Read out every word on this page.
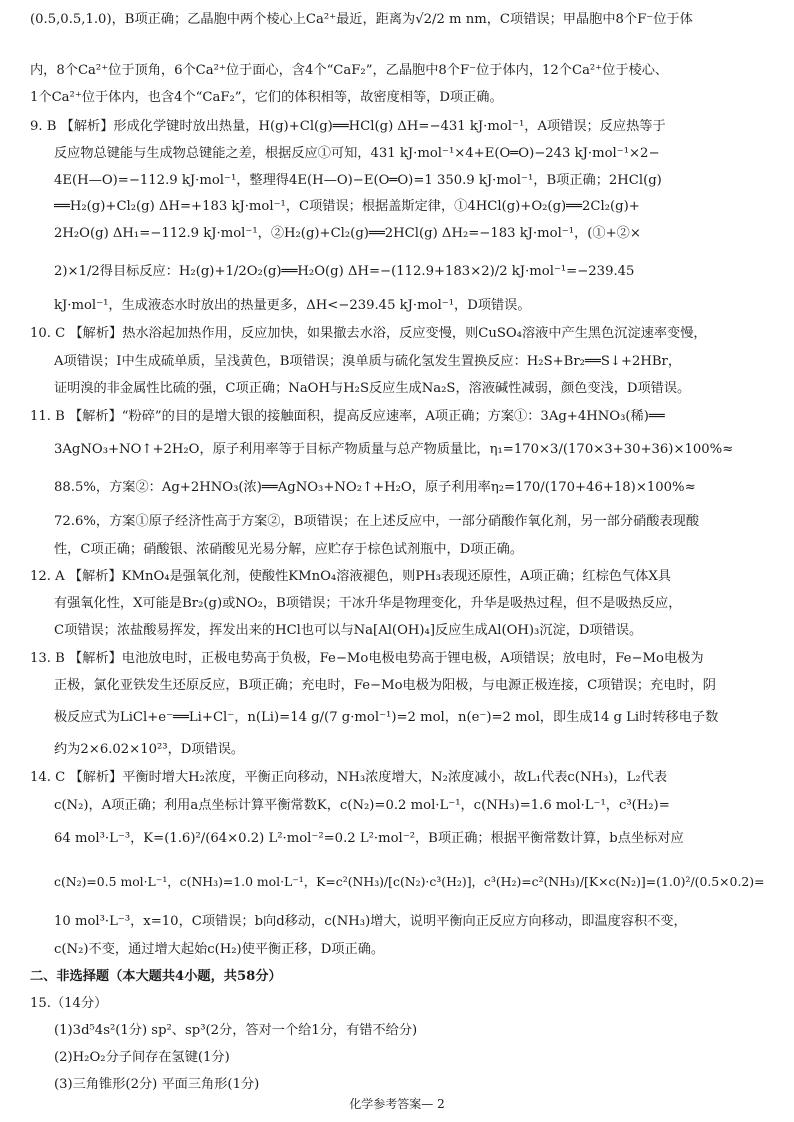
(0.5,0.5,1.0)，B项正确；乙晶胞中两个棱心上Ca²⁺最近，距离为√2/2 m nm，C项错误；甲晶胞中8个F⁻位于体
内，8个Ca²⁺位于顶角，6个Ca²⁺位于面心，含4个“CaF₂”，乙晶胞中8个F⁻位于体内，12个Ca²⁺位于棱心、
1个Ca²⁺位于体内，也含4个“CaF₂”，它们的体积相等，故密度相等，D项正确。
9. B 【解析】形成化学键时放出热量，H(g)+Cl(g)══HCl(g) ΔH=−431 kJ·mol⁻¹，A项错误；反应热等于
反应物总键能与生成物总键能之差，根据反应①可知，431 kJ·mol⁻¹×4+E(O═O)−243 kJ·mol⁻¹×2−
4E(H—O)=−112.9 kJ·mol⁻¹，整理得4E(H—O)−E(O═O)=1 350.9 kJ·mol⁻¹，B项正确；2HCl(g)
══H₂(g)+Cl₂(g) ΔH=+183 kJ·mol⁻¹，C项错误；根据盖斯定律，①4HCl(g)+O₂(g)══2Cl₂(g)+
2H₂O(g) ΔH₁=−112.9 kJ·mol⁻¹，②H₂(g)+Cl₂(g)══2HCl(g) ΔH₂=−183 kJ·mol⁻¹，(①+②×
2)×1/2得目标反应：H₂(g)+1/2O₂(g)══H₂O(g) ΔH=−(112.9+183×2)/2 kJ·mol⁻¹=−239.45
kJ·mol⁻¹，生成液态水时放出的热量更多，ΔH<−239.45 kJ·mol⁻¹，D项错误。
10. C 【解析】热水浴起加热作用，反应加快，如果撤去水浴，反应变慢，则CuSO₄溶液中产生黑色沉淀速率变慢，
A项错误；Ⅰ中生成硫单质，呈浅黄色，B项错误；溴单质与硫化氢发生置换反应：H₂S+Br₂══S↓+2HBr，
证明溴的非金属性比硫的强，C项正确；NaOH与H₂S反应生成Na₂S，溶液碱性减弱，颜色变浅，D项错误。
11. B 【解析】“粉碎”的目的是增大银的接触面积，提高反应速率，A项正确；方案①：3Ag+4HNO₃(稀)══
3AgNO₃+NO↑+2H₂O，原子利用率等于目标产物质量与总产物质量比，η₁=170×3/(170×3+30+36)×100%≈
88.5%，方案②：Ag+2HNO₃(浓)══AgNO₃+NO₂↑+H₂O，原子利用率η₂=170/(170+46+18)×100%≈
72.6%，方案①原子经济性高于方案②，B项错误；在上述反应中，一部分硝酸作氧化剂，另一部分硝酸表现酸
性，C项正确；硝酸银、浓硝酸见光易分解，应贮存于棕色试剂瓶中，D项正确。
12. A 【解析】KMnO₄是强氧化剂，使酸性KMnO₄溶液褪色，则PH₃表现还原性，A项正确；红棕色气体X具
有强氧化性，X可能是Br₂(g)或NO₂，B项错误；干冰升华是物理变化，升华是吸热过程，但不是吸热反应，
C项错误；浓盐酸易挥发，挥发出来的HCl也可以与Na[Al(OH)₄]反应生成Al(OH)₃沉淀，D项错误。
13. B 【解析】电池放电时，正极电势高于负极，Fe−Mo电极电势高于锂电极，A项错误；放电时，Fe−Mo电极为
正极，氯化亚铁发生还原反应，B项正确；充电时，Fe−Mo电极为阳极，与电源正极连接，C项错误；充电时，阴
极反应式为LiCl+e⁻══Li+Cl⁻，n(Li)=14 g/(7 g·mol⁻¹)=2 mol，n(e⁻)=2 mol，即生成14 g Li时转移电子数
约为2×6.02×10²³，D项错误。
14. C 【解析】平衡时增大H₂浓度，平衡正向移动，NH₃浓度增大，N₂浓度减小，故L₁代表c(NH₃)，L₂代表
c(N₂)，A项正确；利用a点坐标计算平衡常数K，c(N₂)=0.2 mol·L⁻¹，c(NH₃)=1.6 mol·L⁻¹，c³(H₂)=
64 mol³·L⁻³，K=(1.6)²/(64×0.2) L²·mol⁻²=0.2 L²·mol⁻²，B项正确；根据平衡常数计算，b点坐标对应
c(N₂)=0.5 mol·L⁻¹，c(NH₃)=1.0 mol·L⁻¹，K=c²(NH₃)/[c(N₂)·c³(H₂)]，c³(H₂)=c²(NH₃)/[K×c(N₂)]=(1.0)²/(0.5×0.2)=
10 mol³·L⁻³，x=10，C项错误；b向d移动，c(NH₃)增大，说明平衡向正反应方向移动，即温度容积不变，
c(N₂)不变，通过增大起始c(H₂)使平衡正移，D项正确。
二、非选择题（本大题共4小题，共58分）
15.（14分）
(1)3d⁵4s²(1分) sp²、sp³(2分，答对一个给1分，有错不给分)
(2)H₂O₂分子间存在氢键(1分)
(3)三角锥形(2分) 平面三角形(1分)
化学参考答案— 2
